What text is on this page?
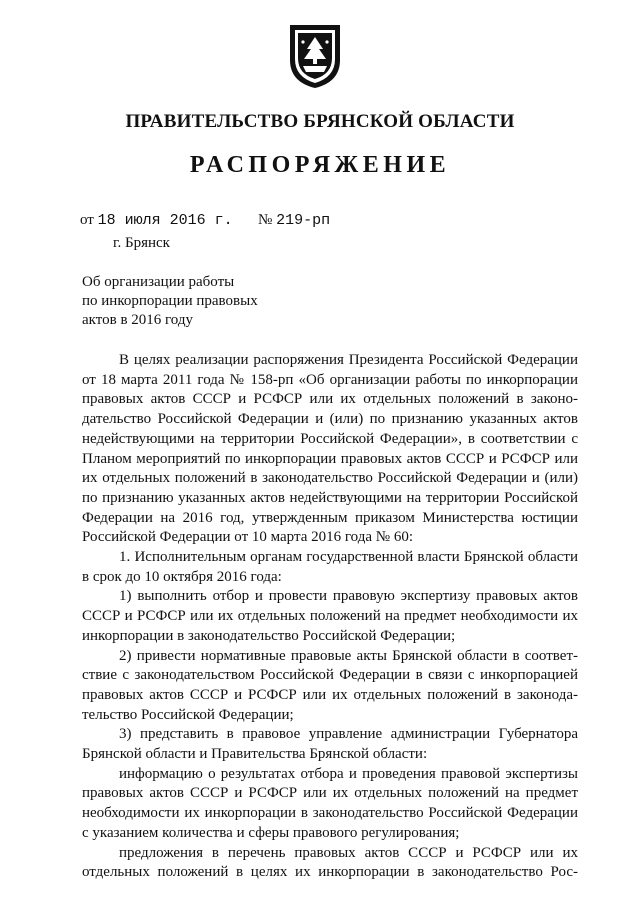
ПРАВИТЕЛЬСТВО БРЯНСКОЙ ОБЛАСТИ
РАСПОРЯЖЕНИЕ
от 18 июля 2016 г. № 219-рп
г. Брянск
Об организации работы
по инкорпорации правовых
актов в 2016 году
В целях реализации распоряжения Президента Российской Федерации
от 18 марта 2011 года № 158-рп «Об организации работы по инкорпорации
правовых актов СССР и РСФСР или их отдельных положений в законо-
дательство Российской Федерации и (или) по признанию указанных актов
недействующими на территории Российской Федерации», в соответствии с
Планом мероприятий по инкорпорации правовых актов СССР и РСФСР или
их отдельных положений в законодательство Российской Федерации и (или)
по признанию указанных актов недействующими на территории Российской
Федерации на 2016 год, утвержденным приказом Министерства юстиции
Российской Федерации от 10 марта 2016 года № 60:
1. Исполнительным органам государственной власти Брянской области
в срок до 10 октября 2016 года:
1) выполнить отбор и провести правовую экспертизу правовых актов
СССР и РСФСР или их отдельных положений на предмет необходимости их
инкорпорации в законодательство Российской Федерации;
2) привести нормативные правовые акты Брянской области в соответ-
ствие с законодательством Российской Федерации в связи с инкорпорацией
правовых актов СССР и РСФСР или их отдельных положений в законода-
тельство Российской Федерации;
3) представить в правовое управление администрации Губернатора
Брянской области и Правительства Брянской области:
информацию о результатах отбора и проведения правовой экспертизы
правовых актов СССР и РСФСР или их отдельных положений на предмет
необходимости их инкорпорации в законодательство Российской Федерации
с указанием количества и сферы правового регулирования;
предложения в перечень правовых актов СССР и РСФСР или их
отдельных положений в целях их инкорпорации в законодательство Рос-
